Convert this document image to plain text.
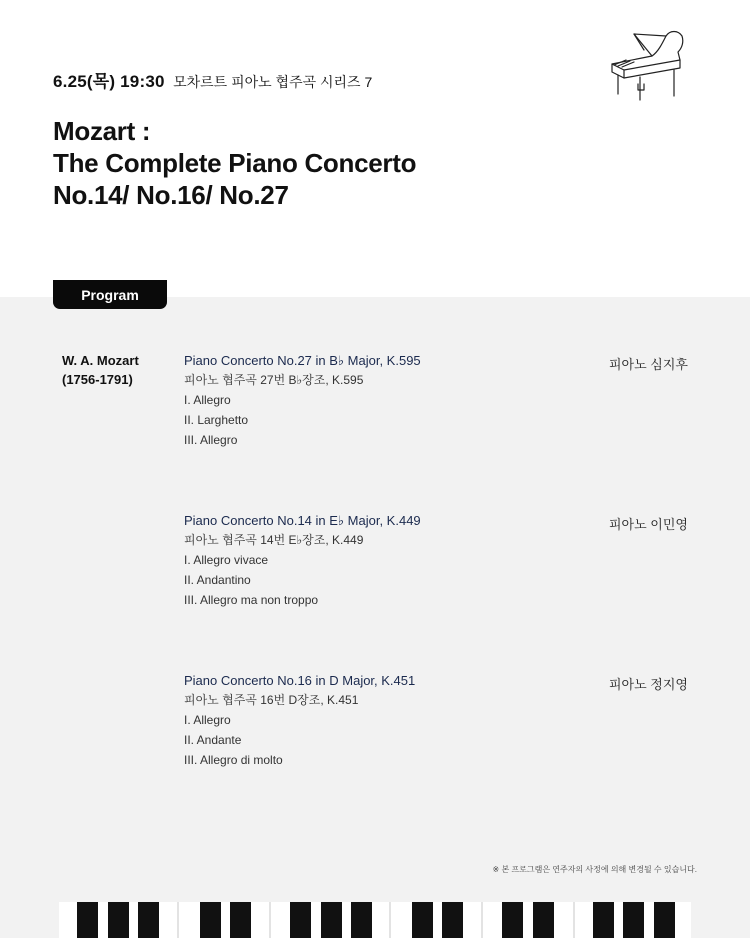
6.25(목) 19:30 모차르트 피아노 협주곡 시리즈 7
Mozart :
The Complete Piano Concerto
No.14/ No.16/ No.27
Program
W. A. Mozart
(1756-1791)
Piano Concerto No.27 in B♭ Major, K.595
피아노 협주곡 27번 B♭장조, K.595
I. Allegro
II. Larghetto
III. Allegro
피아노 심지후
Piano Concerto No.14 in E♭ Major, K.449
피아노 협주곡 14번 E♭장조, K.449
I. Allegro vivace
II. Andantino
III. Allegro ma non troppo
피아노 이민영
Piano Concerto No.16 in D Major, K.451
피아노 협주곡 16번 D장조, K.451
I. Allegro
II. Andante
III. Allegro di molto
피아노 정지영
※ 본 프로그램은 연주자의 사정에 의해 변경될 수 있습니다.
